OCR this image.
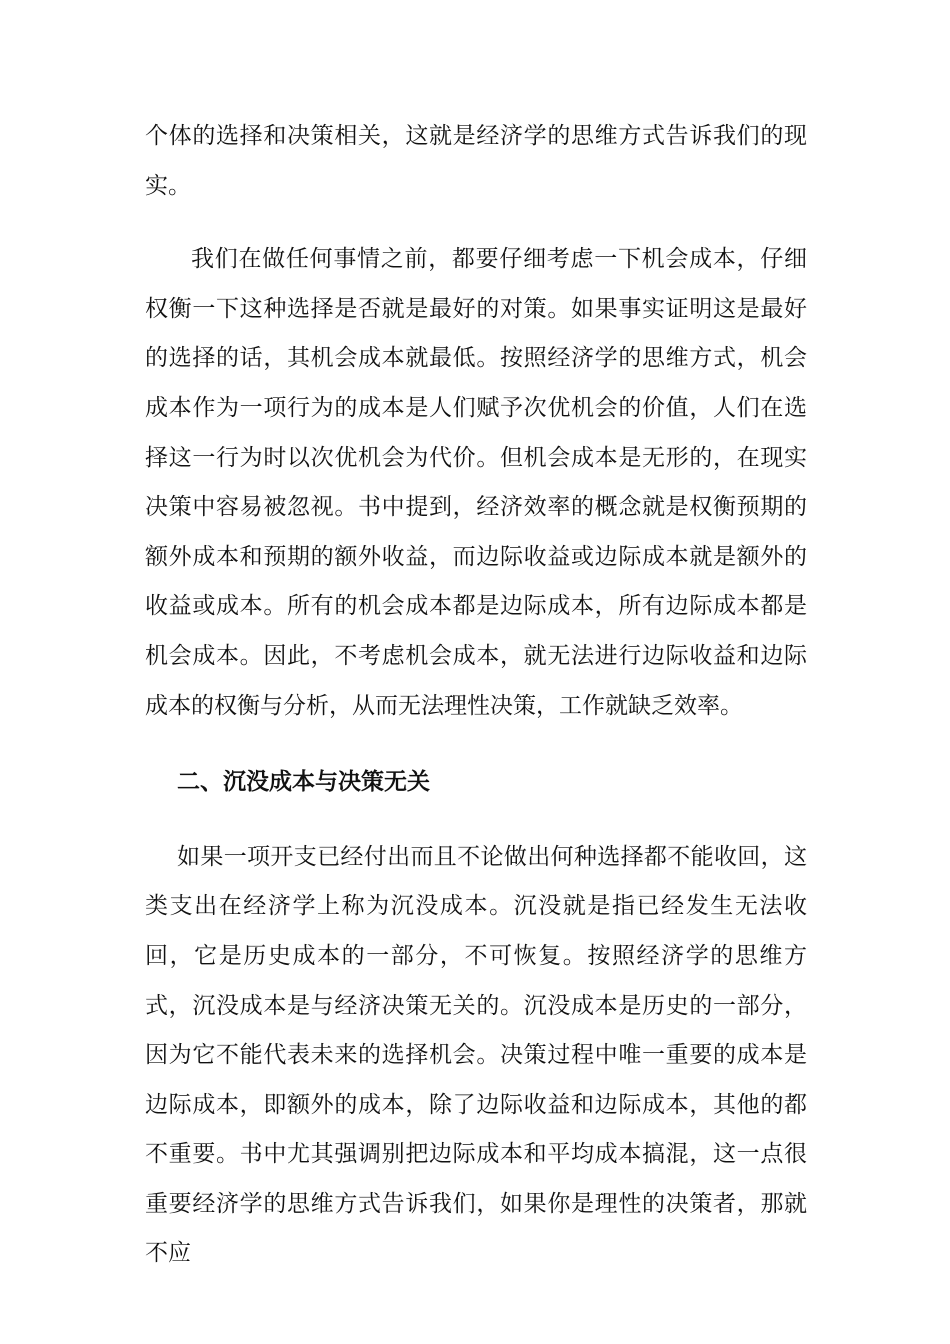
个体的选择和决策相关，这就是经济学的思维方式告诉我们的现实。

我们在做任何事情之前，都要仔细考虑一下机会成本，仔细权衡一下这种选择是否就是最好的对策。如果事实证明这是最好的选择的话，其机会成本就最低。按照经济学的思维方式，机会成本作为一项行为的成本是人们赋予次优机会的价值，人们在选择这一行为时以次优机会为代价。但机会成本是无形的，在现实决策中容易被忽视。书中提到，经济效率的概念就是权衡预期的额外成本和预期的额外收益，而边际收益或边际成本就是额外的收益或成本。所有的机会成本都是边际成本，所有边际成本都是机会成本。因此，不考虑机会成本，就无法进行边际收益和边际成本的权衡与分析，从而无法理性决策，工作就缺乏效率。

二、沉没成本与决策无关

如果一项开支已经付出而且不论做出何种选择都不能收回，这类支出在经济学上称为沉没成本。沉没就是指已经发生无法收回，它是历史成本的一部分，不可恢复。按照经济学的思维方式，沉没成本是与经济决策无关的。沉没成本是历史的一部分，因为它不能代表未来的选择机会。决策过程中唯一重要的成本是边际成本，即额外的成本，除了边际收益和边际成本，其他的都不重要。书中尤其强调别把边际成本和平均成本搞混，这一点很重要经济学的思维方式告诉我们，如果你是理性的决策者，那就不应
